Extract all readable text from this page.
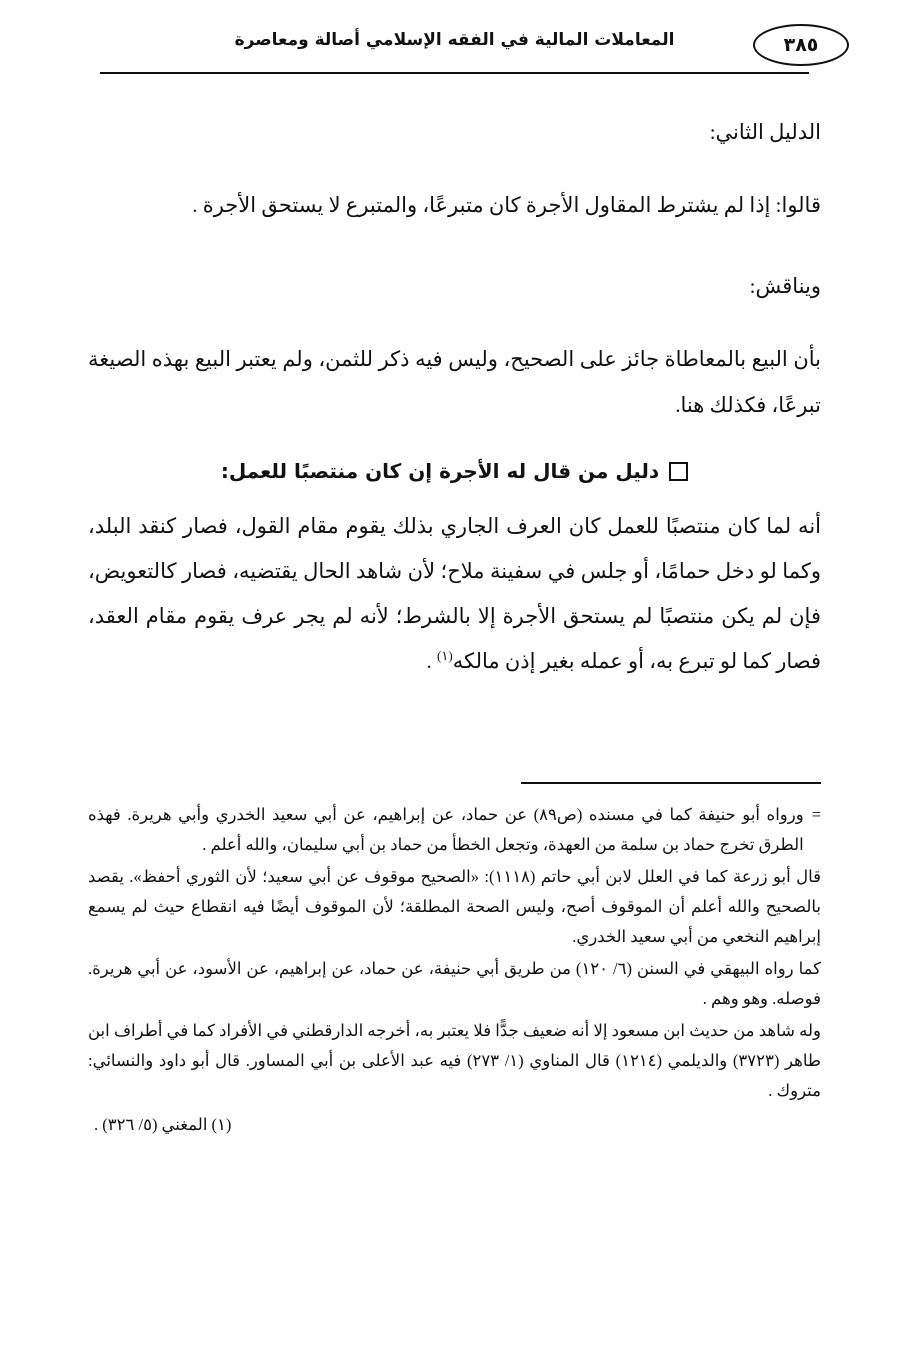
المعاملات المالية في الفقه الإسلامي أصالة ومعاصرة	٣٨٥
الدليل الثاني:
قالوا: إذا لم يشترط المقاول الأجرة كان متبرعًا، والمتبرع لا يستحق الأجرة .
ويناقش:
بأن البيع بالمعاطاة جائز على الصحيح، وليس فيه ذكر للثمن، ولم يعتبر البيع بهذه الصيغة تبرعًا، فكذلك هنا.
دليل من قال له الأجرة إن كان منتصبًا للعمل:
أنه لما كان منتصبًا للعمل كان العرف الجاري بذلك يقوم مقام القول، فصار كنقد البلد، وكما لو دخل حمامًا، أو جلس في سفينة ملاح؛ لأن شاهد الحال يقتضيه، فصار كالتعويض، فإن لم يكن منتصبًا لم يستحق الأجرة إلا بالشرط؛ لأنه لم يجر عرف يقوم مقام العقد، فصار كما لو تبرع به، أو عمله بغير إذن مالكه$^{(١)}$ .
=
ورواه أبو حنيفة كما في مسنده (ص٨٩) عن حماد، عن إبراهيم، عن أبي سعيد الخدري وأبي هريرة. فهذه الطرق تخرج حماد بن سلمة من العهدة، وتجعل الخطأ من حماد بن أبي سليمان، والله أعلم .
قال أبو زرعة كما في العلل لابن أبي حاتم (١١١٨): «الصحيح موقوف عن أبي سعيد؛ لأن الثوري أحفظ». يقصد بالصحيح والله أعلم أن الموقوف أصح، وليس الصحة المطلقة؛ لأن الموقوف أيضًا فيه انقطاع حيث لم يسمع إبراهيم النخعي من أبي سعيد الخدري.
كما رواه البيهقي في السنن (٦/ ١٢٠) من طريق أبي حنيفة، عن حماد، عن إبراهيم، عن الأسود، عن أبي هريرة. فوصله. وهو وهم .
وله شاهد من حديث ابن مسعود إلا أنه ضعيف جدًّا فلا يعتبر به، أخرجه الدارقطني في الأفراد كما في أطراف ابن طاهر (٣٧٢٣) والديلمي (١٢١٤) قال المناوي (١/ ٢٧٣) فيه عبد الأعلى بن أبي المساور. قال أبو داود والنسائي: متروك .
(١) المغني (٥/ ٣٢٦) .
